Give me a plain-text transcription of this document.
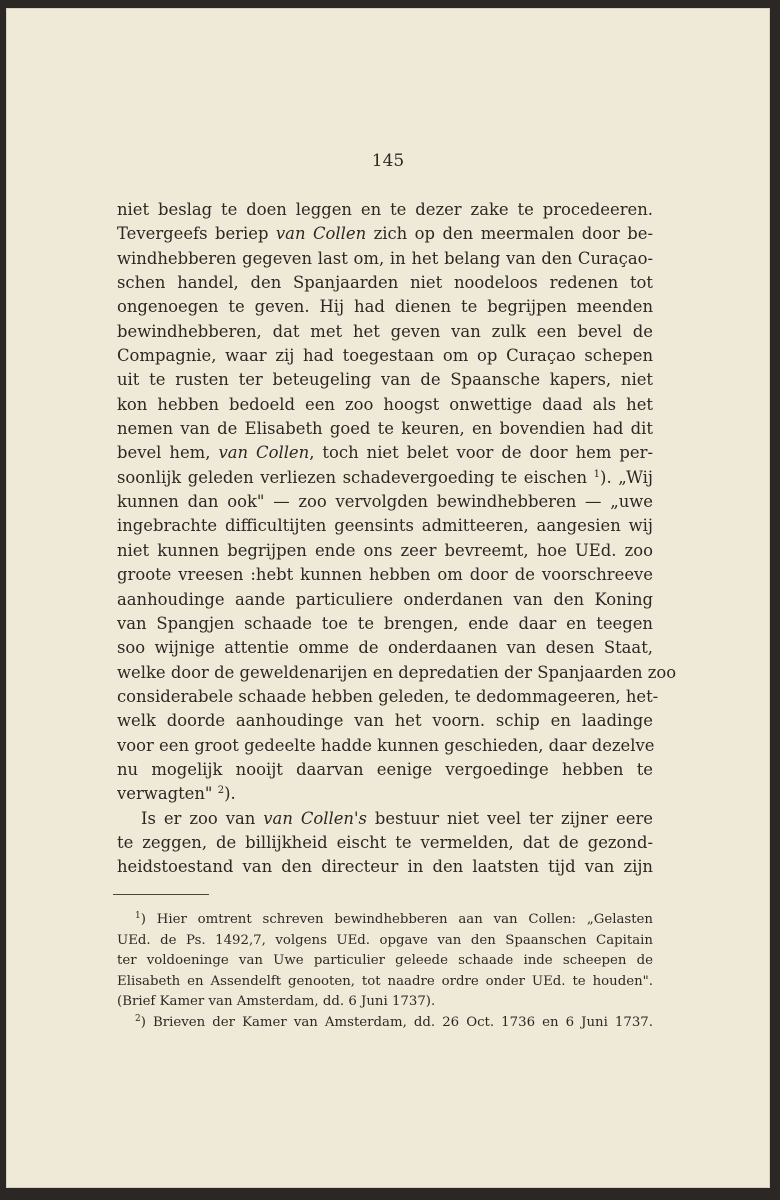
145
niet beslag te doen leggen en te dezer zake te procedeeren.
Tevergeefs beriep van Collen zich op den meermalen door be-
windhebberen gegeven last om, in het belang van den Curaçao-
schen handel, den Spanjaarden niet noodeloos redenen tot
ongenoegen te geven. Hij had dienen te begrijpen meenden
bewindhebberen, dat met het geven van zulk een bevel de
Compagnie, waar zij had toegestaan om op Curaçao schepen
uit te rusten ter beteugeling van de Spaansche kapers, niet
kon hebben bedoeld een zoo hoogst onwettige daad als het
nemen van de Elisabeth goed te keuren, en bovendien had dit
bevel hem, van Collen, toch niet belet voor de door hem per-
soonlijk geleden verliezen schadevergoeding te eischen $^1$). „Wij
kunnen dan ook" — zoo vervolgden bewindhebberen — „uwe
ingebrachte difficultijten geensints admitteeren, aangesien wij
niet kunnen begrijpen ende ons zeer bevreemt, hoe UEd. zoo
groote vreesen :hebt kunnen hebben om door de voorschreeve
aanhoudinge aande particuliere onderdanen van den Koning
van Spangjen schaade toe te brengen, ende daar en teegen
soo wijnige attentie omme de onderdaanen van desen Staat,
welke door de geweldenarijen en depredatien der Spanjaarden zoo
considerabele schaade hebben geleden, te dedommageeren, het-
welk doorde aanhoudinge van het voorn. schip en laadinge
voor een groot gedeelte hadde kunnen geschieden, daar dezelve
nu mogelijk nooijt daarvan eenige vergoedinge hebben te
verwagten" $^2$).
Is er zoo van van Collen's bestuur niet veel ter zijner eere
te zeggen, de billijkheid eischt te vermelden, dat de gezond-
heidstoestand van den directeur in den laatsten tijd van zijn
$^1$) Hier omtrent schreven bewindhebberen aan van Collen: „Gelasten
UEd. de Ps. 1492,7, volgens UEd. opgave van den Spaanschen Capitain
ter voldoeninge van Uwe particulier geleede schaade inde scheepen de
Elisabeth en Assendelft genooten, tot naadre ordre onder UEd. te houden".
(Brief Kamer van Amsterdam, dd. 6 Juni 1737).
$^2$) Brieven der Kamer van Amsterdam, dd. 26 Oct. 1736 en 6 Juni 1737.
